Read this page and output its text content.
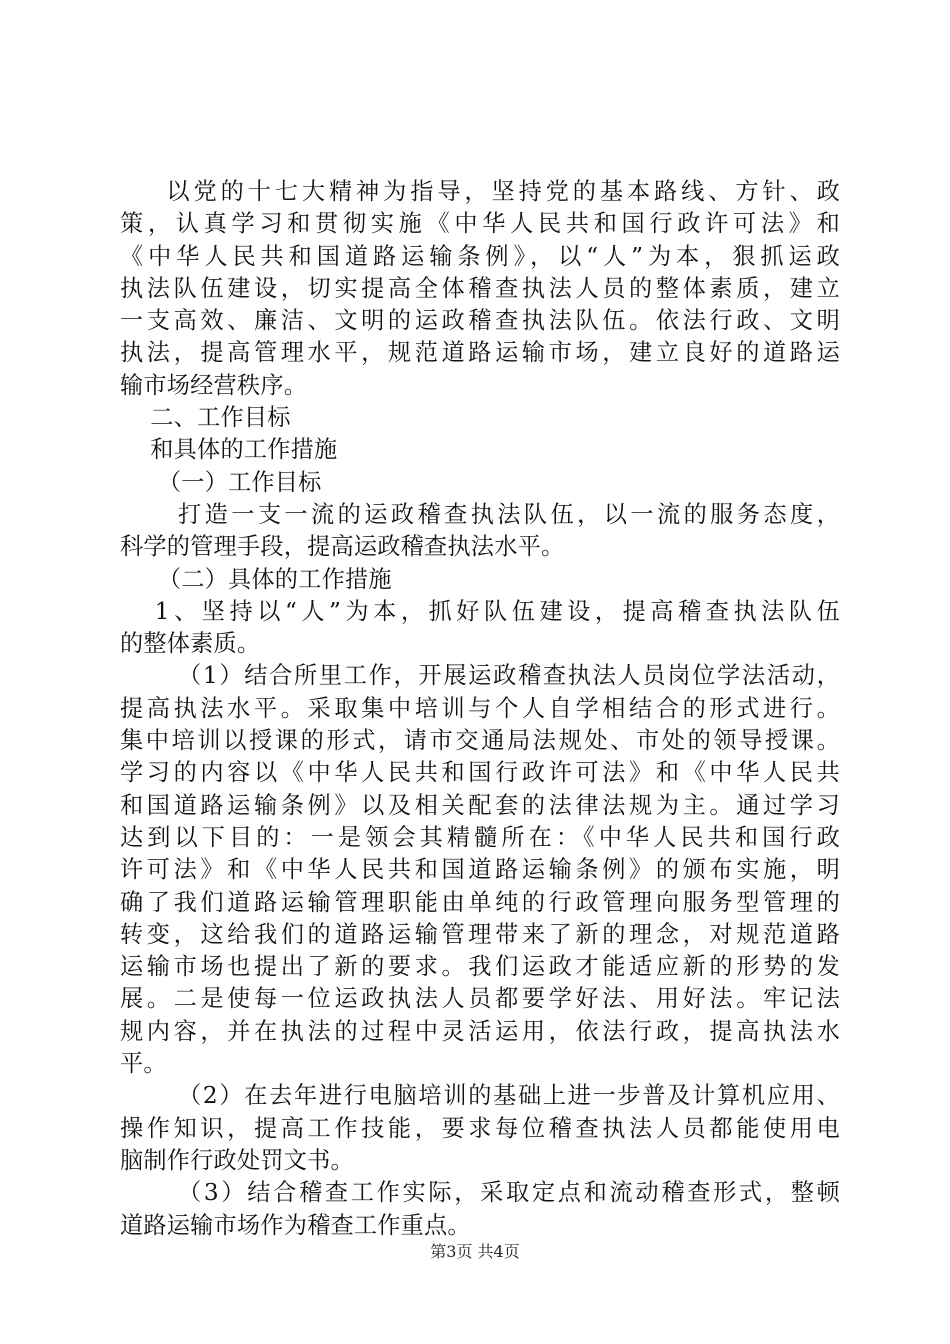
以党的十七大精神为指导，坚持党的基本路线、方针、政
策，认真学习和贯彻实施《中华人民共和国行政许可法》和
《中华人民共和国道路运输条例》，以“人”为本，狠抓运政
执法队伍建设，切实提高全体稽查执法人员的整体素质，建立
一支高效、廉洁、文明的运政稽查执法队伍。依法行政、文明
执法，提高管理水平，规范道路运输市场，建立良好的道路运
输市场经营秩序。
二、工作目标
和具体的工作措施
（一）工作目标
打造一支一流的运政稽查执法队伍，以一流的服务态度，
科学的管理手段，提高运政稽查执法水平。
（二）具体的工作措施
1、坚持以“人”为本，抓好队伍建设，提高稽查执法队伍
的整体素质。
（1）结合所里工作，开展运政稽查执法人员岗位学法活动，
提高执法水平。采取集中培训与个人自学相结合的形式进行。
集中培训以授课的形式，请市交通局法规处、市处的领导授课。
学习的内容以《中华人民共和国行政许可法》和《中华人民共
和国道路运输条例》以及相关配套的法律法规为主。通过学习
达到以下目的：一是领会其精髓所在：《中华人民共和国行政
许可法》和《中华人民共和国道路运输条例》的颁布实施，明
确了我们道路运输管理职能由单纯的行政管理向服务型管理的
转变，这给我们的道路运输管理带来了新的理念，对规范道路
运输市场也提出了新的要求。我们运政才能适应新的形势的发
展。二是使每一位运政执法人员都要学好法、用好法。牢记法
规内容，并在执法的过程中灵活运用，依法行政，提高执法水
平。
（2）在去年进行电脑培训的基础上进一步普及计算机应用、
操作知识，提高工作技能，要求每位稽查执法人员都能使用电
脑制作行政处罚文书。
（3）结合稽查工作实际，采取定点和流动稽查形式，整顿
道路运输市场作为稽查工作重点。
第3页 共4页
